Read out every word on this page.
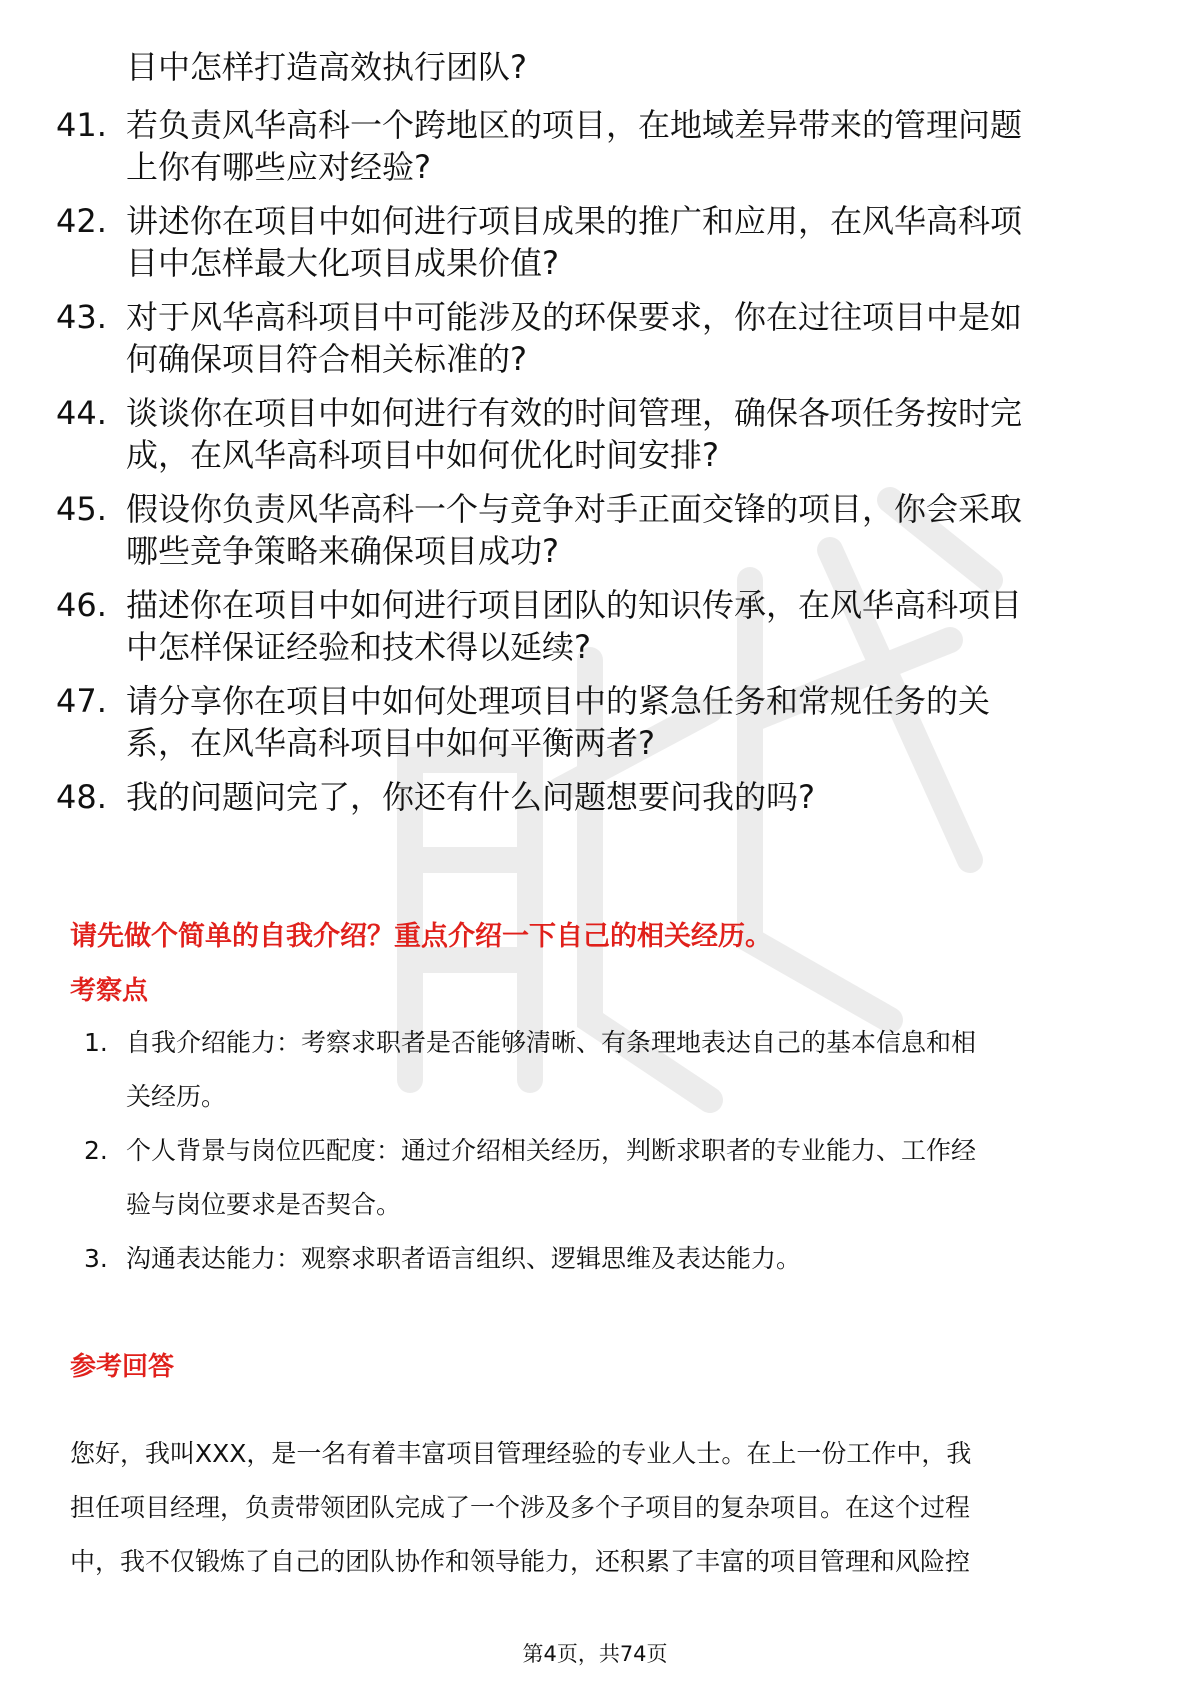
目中怎样打造高效执行团队?
41. 若负责风华高科一个跨地区的项目，在地域差异带来的管理问题
上你有哪些应对经验?
42. 讲述你在项目中如何进行项目成果的推广和应用，在风华高科项
目中怎样最大化项目成果价值?
43. 对于风华高科项目中可能涉及的环保要求，你在过往项目中是如
何确保项目符合相关标准的?
44. 谈谈你在项目中如何进行有效的时间管理，确保各项任务按时完
成，在风华高科项目中如何优化时间安排?
45. 假设你负责风华高科一个与竞争对手正面交锋的项目，你会采取
哪些竞争策略来确保项目成功?
46. 描述你在项目中如何进行项目团队的知识传承，在风华高科项目
中怎样保证经验和技术得以延续?
47. 请分享你在项目中如何处理项目中的紧急任务和常规任务的关
系，在风华高科项目中如何平衡两者?
48. 我的问题问完了，你还有什么问题想要问我的吗?
请先做个简单的自我介绍？重点介绍一下自己的相关经历。
考察点
1. 自我介绍能力：考察求职者是否能够清晰、有条理地表达自己的基本信息和相
关经历。
2. 个人背景与岗位匹配度：通过介绍相关经历，判断求职者的专业能力、工作经
验与岗位要求是否契合。
3. 沟通表达能力：观察求职者语言组织、逻辑思维及表达能力。
参考回答
您好，我叫XXX，是一名有着丰富项目管理经验的专业人士。在上一份工作中，我
担任项目经理，负责带领团队完成了一个涉及多个子项目的复杂项目。在这个过程
中，我不仅锻炼了自己的团队协作和领导能力，还积累了丰富的项目管理和风险控
第4页，共74页
